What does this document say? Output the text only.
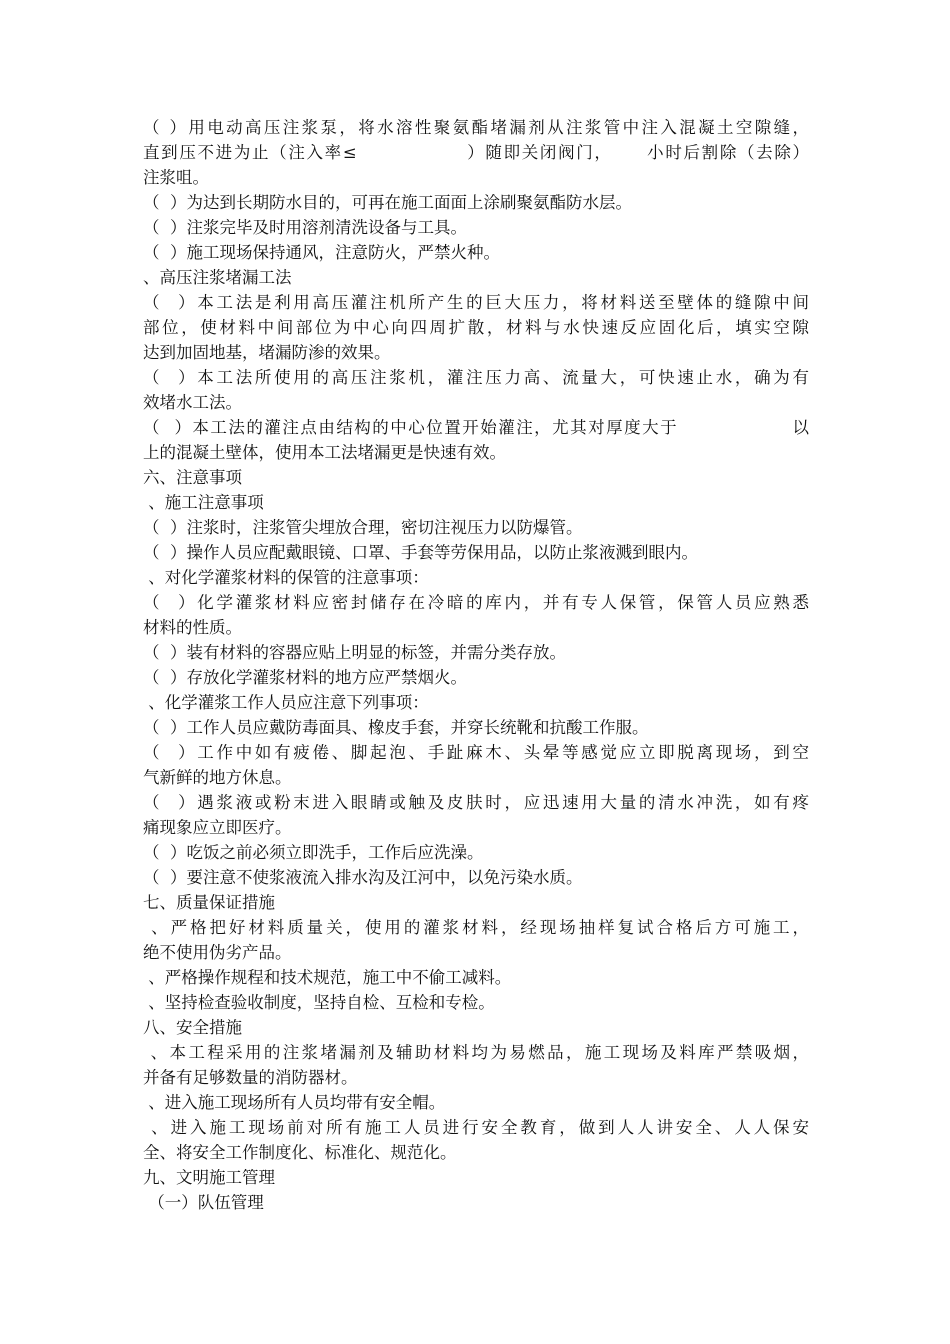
（ ）用电动高压注浆泵，将水溶性聚氨酯堵漏剂从注浆管中注入混凝土空隙缝，
直到压不进为止（注入率≤                ）随即关闭阀门，     小时后割除（去除）
注浆咀。
（  ）为达到长期防水目的，可再在施工面面上涂刷聚氨酯防水层。
（  ）注浆完毕及时用溶剂清洗设备与工具。
（  ）施工现场保持通风，注意防火，严禁火种。
、高压注浆堵漏工法
（  ）本工法是利用高压灌注机所产生的巨大压力，将材料送至壁体的缝隙中间
部位，使材料中间部位为中心向四周扩散，材料与水快速反应固化后，填实空隙
达到加固地基，堵漏防渗的效果。
（  ）本工法所使用的高压注浆机，灌注压力高、流量大，可快速止水，确为有
效堵水工法。
（  ）本工法的灌注点由结构的中心位置开始灌注，尤其对厚度大于                 以
上的混凝土壁体，使用本工法堵漏更是快速有效。
六、注意事项
、施工注意事项
（  ）注浆时，注浆管尖埋放合理，密切注视压力以防爆管。
（  ）操作人员应配戴眼镜、口罩、手套等劳保用品，以防止浆液溅到眼内。
、对化学灌浆材料的保管的注意事项：
（  ）化学灌浆材料应密封储存在冷暗的库内，并有专人保管，保管人员应熟悉
材料的性质。
（  ）装有材料的容器应贴上明显的标签，并需分类存放。
（  ）存放化学灌浆材料的地方应严禁烟火。
、化学灌浆工作人员应注意下列事项：
（  ）工作人员应戴防毒面具、橡皮手套，并穿长统靴和抗酸工作服。
（  ）工作中如有疲倦、脚起泡、手趾麻木、头晕等感觉应立即脱离现场，到空
气新鲜的地方休息。
（  ）遇浆液或粉末进入眼睛或触及皮肤时，应迅速用大量的清水冲洗，如有疼
痛现象应立即医疗。
（  ）吃饭之前必须立即洗手，工作后应洗澡。
（  ）要注意不使浆液流入排水沟及江河中，以免污染水质。
七、质量保证措施
、严格把好材料质量关，使用的灌浆材料，经现场抽样复试合格后方可施工，
绝不使用伪劣产品。
、严格操作规程和技术规范，施工中不偷工减料。
、坚持检查验收制度，坚持自检、互检和专检。
八、安全措施
、本工程采用的注浆堵漏剂及辅助材料均为易燃品，施工现场及料库严禁吸烟，
并备有足够数量的消防器材。
、进入施工现场所有人员均带有安全帽。
、进入施工现场前对所有施工人员进行安全教育，做到人人讲安全、人人保安
全、将安全工作制度化、标准化、规范化。
九、文明施工管理
（一）队伍管理
